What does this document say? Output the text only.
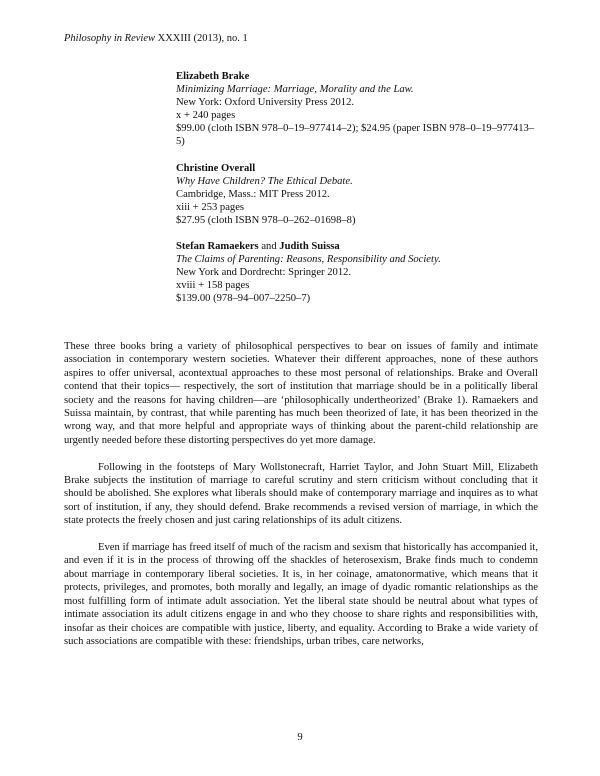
Philosophy in Review XXXIII (2013), no. 1
Elizabeth Brake
Minimizing Marriage: Marriage, Morality and the Law.
New York: Oxford University Press 2012.
x + 240 pages
$99.00 (cloth ISBN 978–0–19–977414–2); $24.95 (paper ISBN 978–0–19–977413–5)
Christine Overall
Why Have Children? The Ethical Debate.
Cambridge, Mass.: MIT Press 2012.
xiii + 253 pages
$27.95 (cloth ISBN 978–0–262–01698–8)
Stefan Ramaekers and Judith Suissa
The Claims of Parenting: Reasons, Responsibility and Society.
New York and Dordrecht: Springer 2012.
xviii + 158 pages
$139.00 (978–94–007–2250–7)

These three books bring a variety of philosophical perspectives to bear on issues of family and intimate association in contemporary western societies. Whatever their different approaches, none of these authors aspires to offer universal, acontextual approaches to these most personal of relationships. Brake and Overall contend that their topics— respectively, the sort of institution that marriage should be in a politically liberal society and the reasons for having children—are ‘philosophically undertheorized’ (Brake 1). Ramaekers and Suissa maintain, by contrast, that while parenting has much been theorized of late, it has been theorized in the wrong way, and that more helpful and appropriate ways of thinking about the parent-child relationship are urgently needed before these distorting perspectives do yet more damage.

Following in the footsteps of Mary Wollstonecraft, Harriet Taylor, and John Stuart Mill, Elizabeth Brake subjects the institution of marriage to careful scrutiny and stern criticism without concluding that it should be abolished. She explores what liberals should make of contemporary marriage and inquires as to what sort of institution, if any, they should defend. Brake recommends a revised version of marriage, in which the state protects the freely chosen and just caring relationships of its adult citizens.

Even if marriage has freed itself of much of the racism and sexism that historically has accompanied it, and even if it is in the process of throwing off the shackles of heterosexism, Brake finds much to condemn about marriage in contemporary liberal societies. It is, in her coinage, amatonormative, which means that it protects, privileges, and promotes, both morally and legally, an image of dyadic romantic relationships as the most fulfilling form of intimate adult association. Yet the liberal state should be neutral about what types of intimate association its adult citizens engage in and who they choose to share rights and responsibilities with, insofar as their choices are compatible with justice, liberty, and equality. According to Brake a wide variety of such associations are compatible with these: friendships, urban tribes, care networks,

9
